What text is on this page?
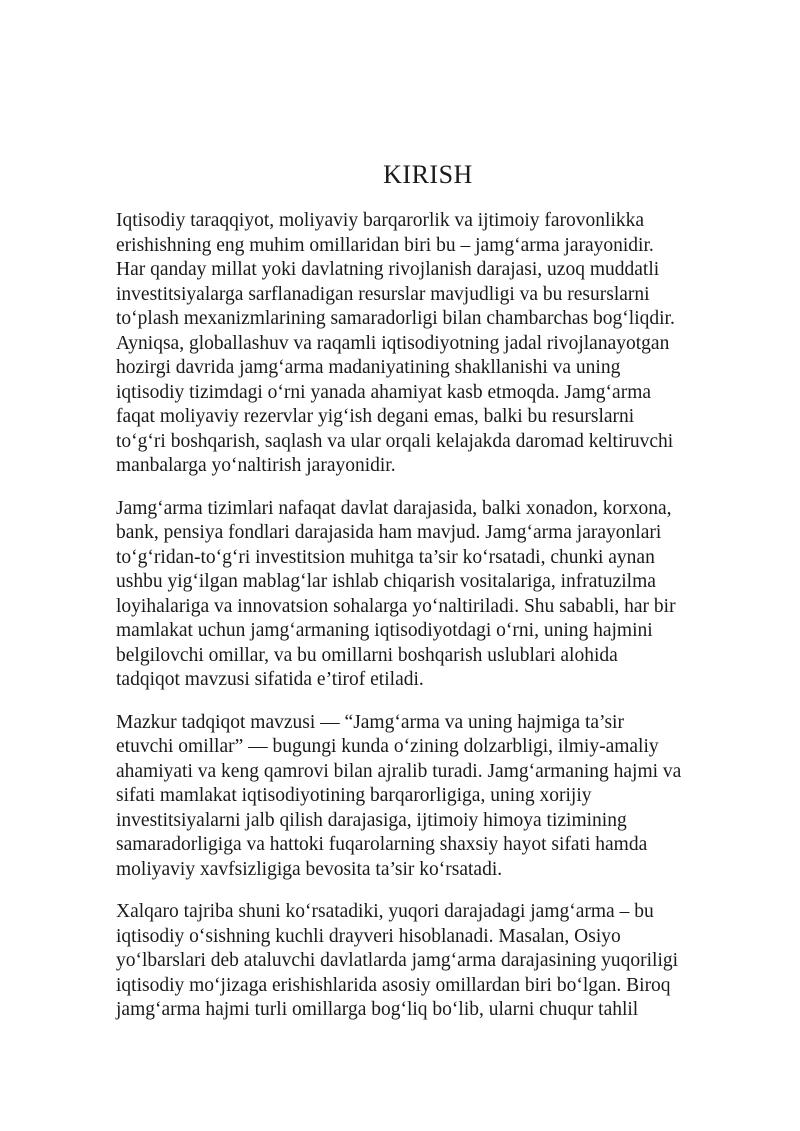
KIRISH

Iqtisodiy taraqqiyot, moliyaviy barqarorlik va ijtimoiy farovonlikka
erishishning eng muhim omillaridan biri bu – jamg‘arma jarayonidir.
Har qanday millat yoki davlatning rivojlanish darajasi, uzoq muddatli
investitsiyalarga sarflanadigan resurslar mavjudligi va bu resurslarni
to‘plash mexanizmlarining samaradorligi bilan chambarchas bog‘liqdir.
Ayniqsa, globallashuv va raqamli iqtisodiyotning jadal rivojlanayotgan
hozirgi davrida jamg‘arma madaniyatining shakllanishi va uning
iqtisodiy tizimdagi o‘rni yanada ahamiyat kasb etmoqda. Jamg‘arma
faqat moliyaviy rezervlar yig‘ish degani emas, balki bu resurslarni
to‘g‘ri boshqarish, saqlash va ular orqali kelajakda daromad keltiruvchi
manbalarga yo‘naltirish jarayonidir.

Jamg‘arma tizimlari nafaqat davlat darajasida, balki xonadon, korxona,
bank, pensiya fondlari darajasida ham mavjud. Jamg‘arma jarayonlari
to‘g‘ridan-to‘g‘ri investitsion muhitga ta’sir ko‘rsatadi, chunki aynan
ushbu yig‘ilgan mablag‘lar ishlab chiqarish vositalariga, infratuzilma
loyihalariga va innovatsion sohalarga yo‘naltiriladi. Shu sababli, har bir
mamlakat uchun jamg‘armaning iqtisodiyotdagi o‘rni, uning hajmini
belgilovchi omillar, va bu omillarni boshqarish uslublari alohida
tadqiqot mavzusi sifatida e’tirof etiladi.

Mazkur tadqiqot mavzusi — “Jamg‘arma va uning hajmiga ta’sir
etuvchi omillar” — bugungi kunda o‘zining dolzarbligi, ilmiy-amaliy
ahamiyati va keng qamrovi bilan ajralib turadi. Jamg‘armaning hajmi va
sifati mamlakat iqtisodiyotining barqarorligiga, uning xorijiy
investitsiyalarni jalb qilish darajasiga, ijtimoiy himoya tizimining
samaradorligiga va hattoki fuqarolarning shaxsiy hayot sifati hamda
moliyaviy xavfsizligiga bevosita ta’sir ko‘rsatadi.

Xalqaro tajriba shuni ko‘rsatadiki, yuqori darajadagi jamg‘arma – bu
iqtisodiy o‘sishning kuchli drayveri hisoblanadi. Masalan, Osiyo
yo‘lbarslari deb ataluvchi davlatlarda jamg‘arma darajasining yuqoriligi
iqtisodiy mo‘jizaga erishishlarida asosiy omillardan biri bo‘lgan. Biroq
jamg‘arma hajmi turli omillarga bog‘liq bo‘lib, ularni chuqur tahlil
